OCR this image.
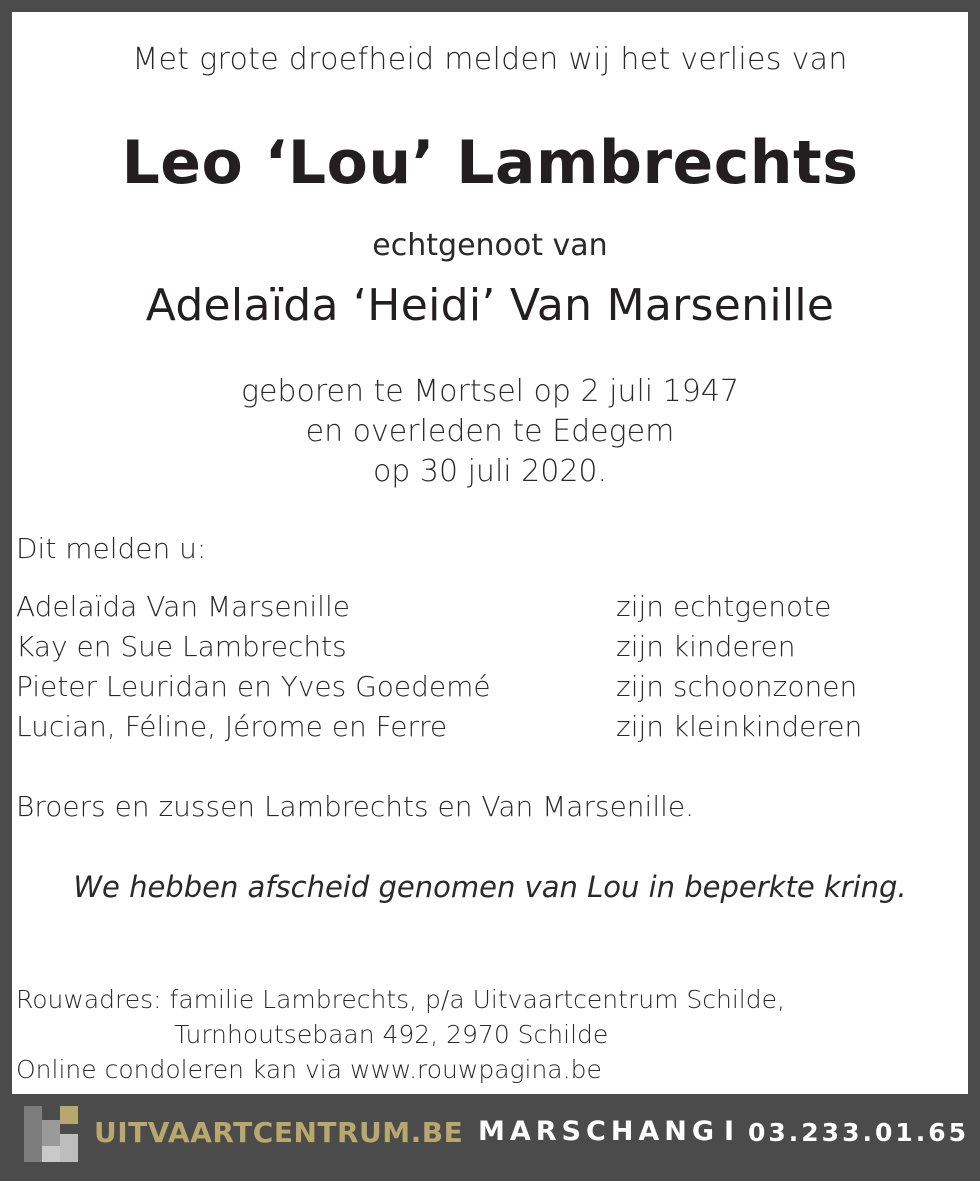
Met grote droefheid melden wij het verlies van
Leo ‘Lou’ Lambrechts
echtgenoot van
Adelaïda ‘Heidi’ Van Marsenille
geboren te Mortsel op 2 juli 1947
en overleden te Edegem
op 30 juli 2020.
Dit melden u:
Adelaïda Van Marsenille	zijn echtgenote
Kay en Sue Lambrechts	zijn kinderen
Pieter Leuridan en Yves Goedemé	zijn schoonzonen
Lucian, Féline, Jérome en Ferre	zijn kleinkinderen
Broers en zussen Lambrechts en Van Marsenille.
We hebben afscheid genomen van Lou in beperkte kring.
Rouwadres: familie Lambrechts, p/a Uitvaartcentrum Schilde,
Turnhoutsebaan 492, 2970 Schilde
Online condoleren kan via www.rouwpagina.be
UITVAARTCENTRUM.BE MARSCHANG I 03.233.01.65
